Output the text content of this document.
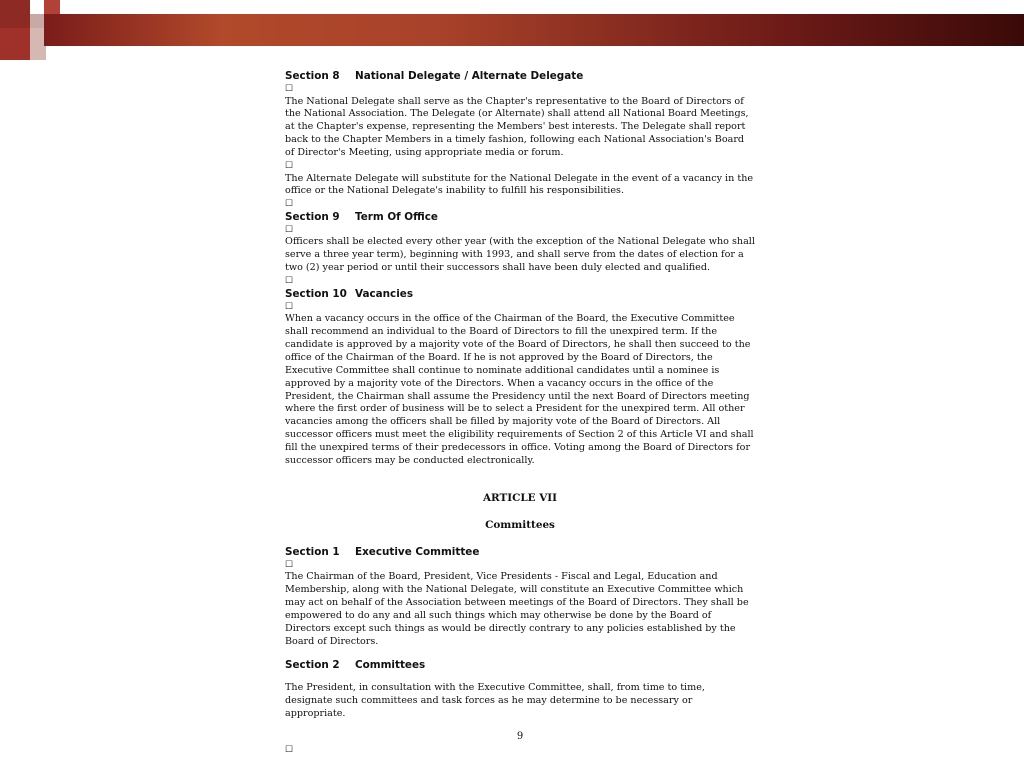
Section 8 National Delegate / Alternate Delegate

☐

The National Delegate shall serve as the Chapter's representative to the Board of Directors of the National Association. The Delegate (or Alternate) shall attend all National Board Meetings, at the Chapter's expense, representing the Members' best interests. The Delegate shall report back to the Chapter Members in a timely fashion, following each National Association's Board of Director's Meeting, using appropriate media or forum.

☐

The Alternate Delegate will substitute for the National Delegate in the event of a vacancy in the office or the National Delegate's inability to fulfill his responsibilities.

☐

Section 9 Term Of Office

☐

Officers shall be elected every other year (with the exception of the National Delegate who shall serve a three year term), beginning with 1993, and shall serve from the dates of election for a two (2) year period or until their successors shall have been duly elected and qualified.

☐

Section 10 Vacancies

☐

When a vacancy occurs in the office of the Chairman of the Board, the Executive Committee shall recommend an individual to the Board of Directors to fill the unexpired term. If the candidate is approved by a majority vote of the Board of Directors, he shall then succeed to the office of the Chairman of the Board. If he is not approved by the Board of Directors, the Executive Committee shall continue to nominate additional candidates until a nominee is approved by a majority vote of the Directors. When a vacancy occurs in the office of the President, the Chairman shall assume the Presidency until the next Board of Directors meeting where the first order of business will be to select a President for the unexpired term. All other vacancies among the officers shall be filled by majority vote of the Board of Directors. All successor officers must meet the eligibility requirements of Section 2 of this Article VI and shall fill the unexpired terms of their predecessors in office. Voting among the Board of Directors for successor officers may be conducted electronically.

ARTICLE VII

Committees

Section 1 Executive Committee

☐

The Chairman of the Board, President, Vice Presidents - Fiscal and Legal, Education and Membership, along with the National Delegate, will constitute an Executive Committee which may act on behalf of the Association between meetings of the Board of Directors. They shall be empowered to do any and all such things which may otherwise be done by the Board of Directors except such things as would be directly contrary to any policies established by the Board of Directors.

Section 2 Committees

The President, in consultation with the Executive Committee, shall, from time to time, designate such committees and task forces as he may determine to be necessary or appropriate.

9

☐
